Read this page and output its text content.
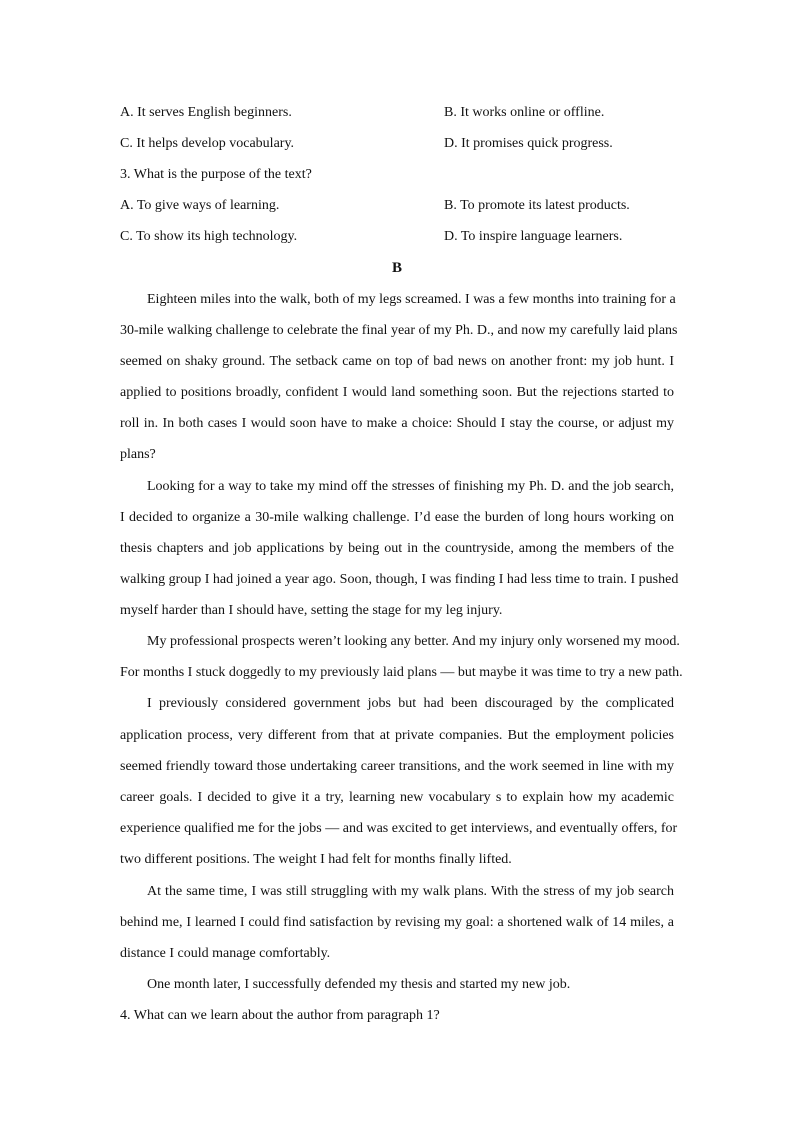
A. It serves English beginners.	B. It works online or offline.
C. It helps develop vocabulary.	D. It promises quick progress.
3. What is the purpose of the text?
A. To give ways of learning.	B. To promote its latest products.
C. To show its high technology.	D. To inspire language learners.
B
Eighteen miles into the walk, both of my legs screamed. I was a few months into training for a
30-mile walking challenge to celebrate the final year of my Ph. D., and now my carefully laid plans
seemed on shaky ground. The setback came on top of bad news on another front: my job hunt. I
applied to positions broadly, confident I would land something soon. But the rejections started to
roll in. In both cases I would soon have to make a choice: Should I stay the course, or adjust my
plans?
Looking for a way to take my mind off the stresses of finishing my Ph. D. and the job search,
I decided to organize a 30-mile walking challenge. I’d ease the burden of long hours working on
thesis chapters and job applications by being out in the countryside, among the members of the
walking group I had joined a year ago. Soon, though, I was finding I had less time to train. I pushed
myself harder than I should have, setting the stage for my leg injury.
My professional prospects weren’t looking any better. And my injury only worsened my mood.
For months I stuck doggedly to my previously laid plans — but maybe it was time to try a new path.
I previously considered government jobs but had been discouraged by the complicated
application process, very different from that at private companies. But the employment policies
seemed friendly toward those undertaking career transitions, and the work seemed in line with my
career goals. I decided to give it a try, learning new vocabulary s to explain how my academic
experience qualified me for the jobs — and was excited to get interviews, and eventually offers, for
two different positions. The weight I had felt for months finally lifted.
At the same time, I was still struggling with my walk plans. With the stress of my job search
behind me, I learned I could find satisfaction by revising my goal: a shortened walk of 14 miles, a
distance I could manage comfortably.
One month later, I successfully defended my thesis and started my new job.
4. What can we learn about the author from paragraph 1?
